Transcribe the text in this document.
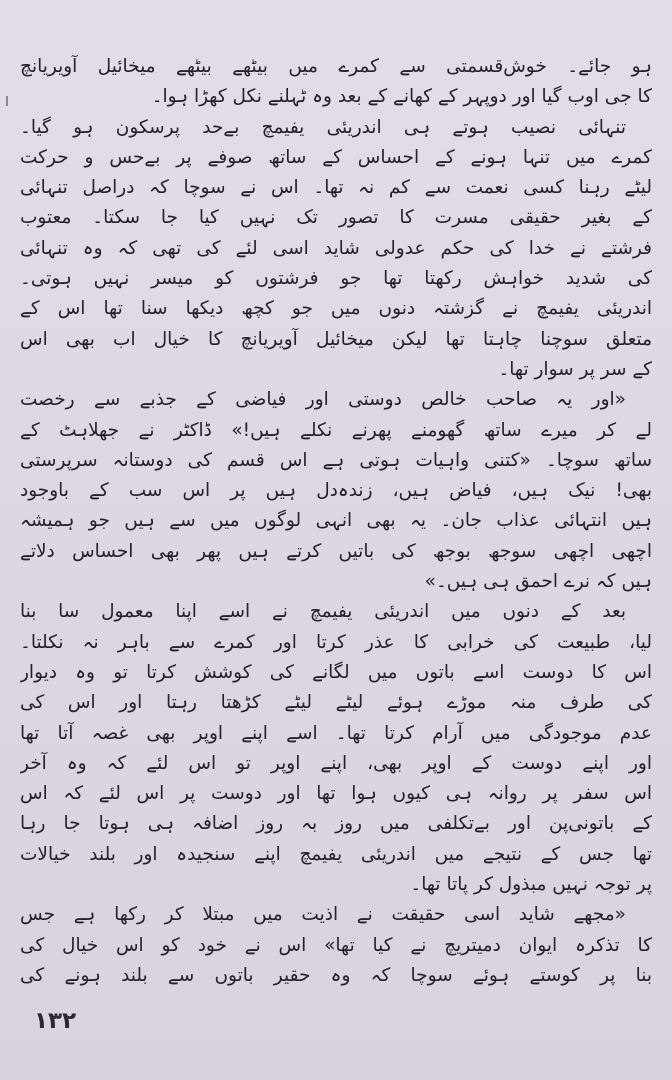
ہو جائے۔ خوش‌قسمتی سے کمرے میں بیٹھے بیٹھے میخائیل آویریانچ
کا جی اوب گیا اور دوپہر کے کھانے کے بعد وہ ٹہلنے نکل کھڑا ہوا۔
تنہائی نصیب ہوتے ہی اندریئی یفیمچ بےحد پرسکون ہو گیا۔
کمرے میں تنہا ہونے کے احساس کے ساتھ صوفے پر بےحس و حرکت
لیٹے رہنا کسی نعمت سے کم نہ تھا۔ اس نے سوچا کہ دراصل تنہائی
کے بغیر حقیقی مسرت کا تصور تک نہیں کیا جا سکتا۔ معتوب
فرشتے نے خدا کی حکم عدولی شاید اسی لئے کی تھی کہ وہ تنہائی
کی شدید خواہش رکھتا تھا جو فرشتوں کو میسر نہیں ہوتی۔
اندریئی یفیمچ نے گزشتہ دنوں میں جو کچھ دیکھا سنا تھا اس کے
متعلق سوچنا چاہتا تھا لیکن میخائیل آویریانچ کا خیال اب بھی اس
کے سر پر سوار تھا۔
«اور یہ صاحب خالص دوستی اور فیاضی کے جذبے سے رخصت
لے کر میرے ساتھ گھومنے پھرنے نکلے ہیں!» ڈاکٹر نے جھلاہٹ کے
ساتھ سوچا۔ «کتنی واہیات ہوتی ہے اس قسم کی دوستانہ سرپرستی
بھی! نیک ہیں، فیاض ہیں، زندہ‌دل ہیں پر اس سب کے باوجود
ہیں انتہائی عذاب جان۔ یہ بھی انہی لوگوں میں سے ہیں جو ہمیشہ
اچھی اچھی سوجھ بوجھ کی باتیں کرتے ہیں پھر بھی احساس دلاتے
ہیں کہ نرے احمق ہی ہیں۔»
بعد کے دنوں میں اندریئی یفیمچ نے اسے اپنا معمول سا بنا
لیا، طبیعت کی خرابی کا عذر کرتا اور کمرے سے باہر نہ نکلتا۔
اس کا دوست اسے باتوں میں لگانے کی کوشش کرتا تو وہ دیوار
کی طرف منہ موڑے ہوئے لیٹے لیٹے کڑھتا رہتا اور اس کی
عدم موجودگی میں آرام کرتا تھا۔ اسے اپنے اوپر بھی غصہ آتا تھا
اور اپنے دوست کے اوپر بھی، اپنے اوپر تو اس لئے کہ وہ آخر
اس سفر پر روانہ ہی کیوں ہوا تھا اور دوست پر اس لئے کہ اس
کے باتونی‌پن اور بےتکلفی میں روز بہ روز اضافہ ہی ہوتا جا رہا
تھا جس کے نتیجے میں اندریئی یفیمچ اپنے سنجیدہ اور بلند خیالات
پر توجہ نہیں مبذول کر پاتا تھا۔
«مجھے شاید اسی حقیقت نے اذیت میں مبتلا کر رکھا ہے جس
کا تذکرہ ایوان دمیتریچ نے کیا تھا» اس نے خود کو اس خیال کی
بنا پر کوستے ہوئے سوچا کہ وہ حقیر باتوں سے بلند ہونے کی
۱۳۲
